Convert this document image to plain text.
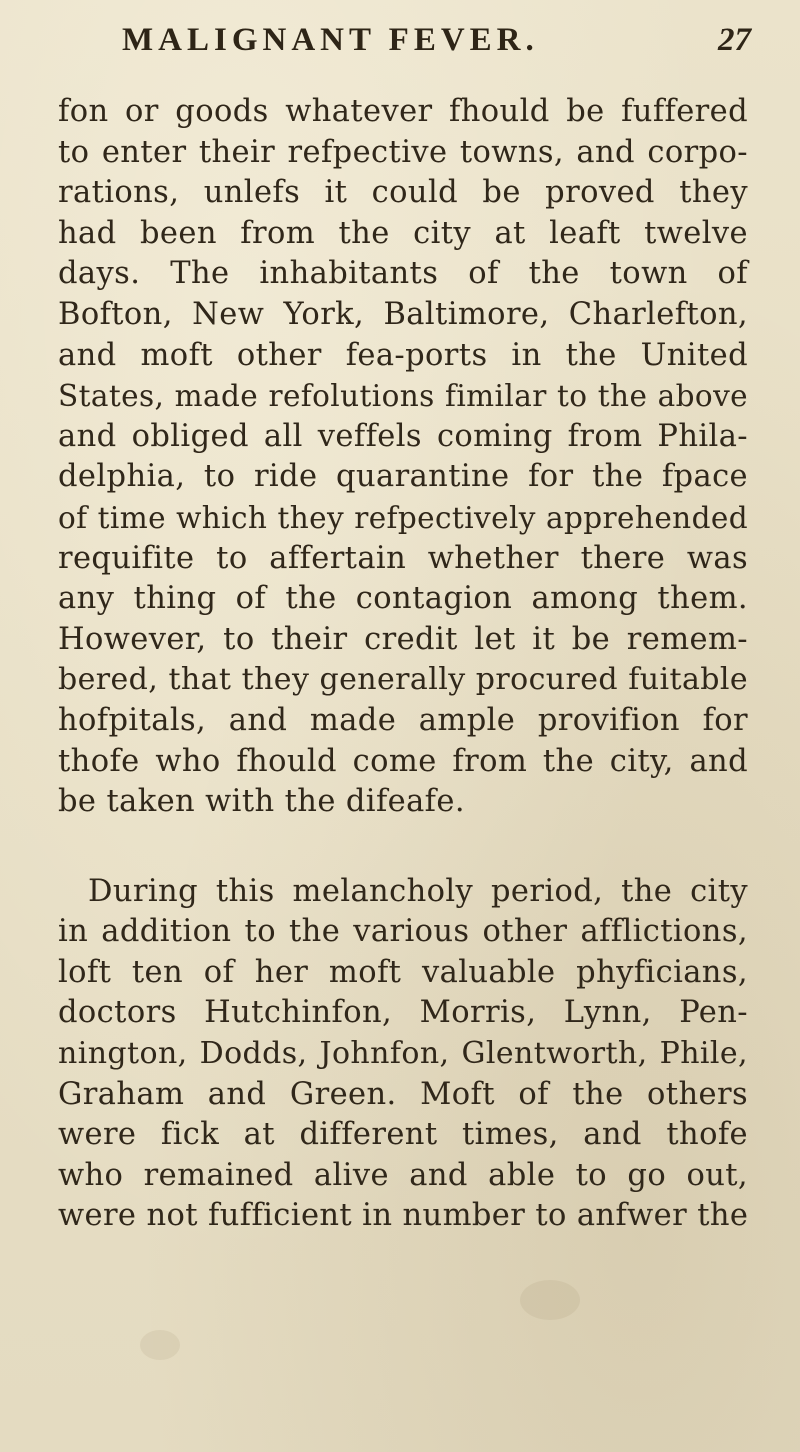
MALIGNANT FEVER.	27
fon or goods whatever fhould be fuffered
to enter their refpective towns, and corpo-
rations, unlefs it could be proved they
had been from the city at leaft twelve
days. The inhabitants of the town of
Bofton, New York, Baltimore, Charlefton,
and moft other fea-ports in the United
States, made refolutions fimilar to the above
and obliged all veffels coming from Phila-
delphia, to ride quarantine for the fpace
of time which they refpectively apprehended
requifite to affertain whether there was
any thing of the contagion among them.
However, to their credit let it be remem-
bered, that they generally procured fuitable
hofpitals, and made ample provifion for
thofe who fhould come from the city, and
be taken with the difeafe.
During this melancholy period, the city
in addition to the various other afflictions,
loft ten of her moft valuable phyficians,
doctors Hutchinfon, Morris, Lynn, Pen-
nington, Dodds, Johnfon, Glentworth, Phile,
Graham and Green. Moft of the others
were fick at different times, and thofe
who remained alive and able to go out,
were not fufficient in number to anfwer the
